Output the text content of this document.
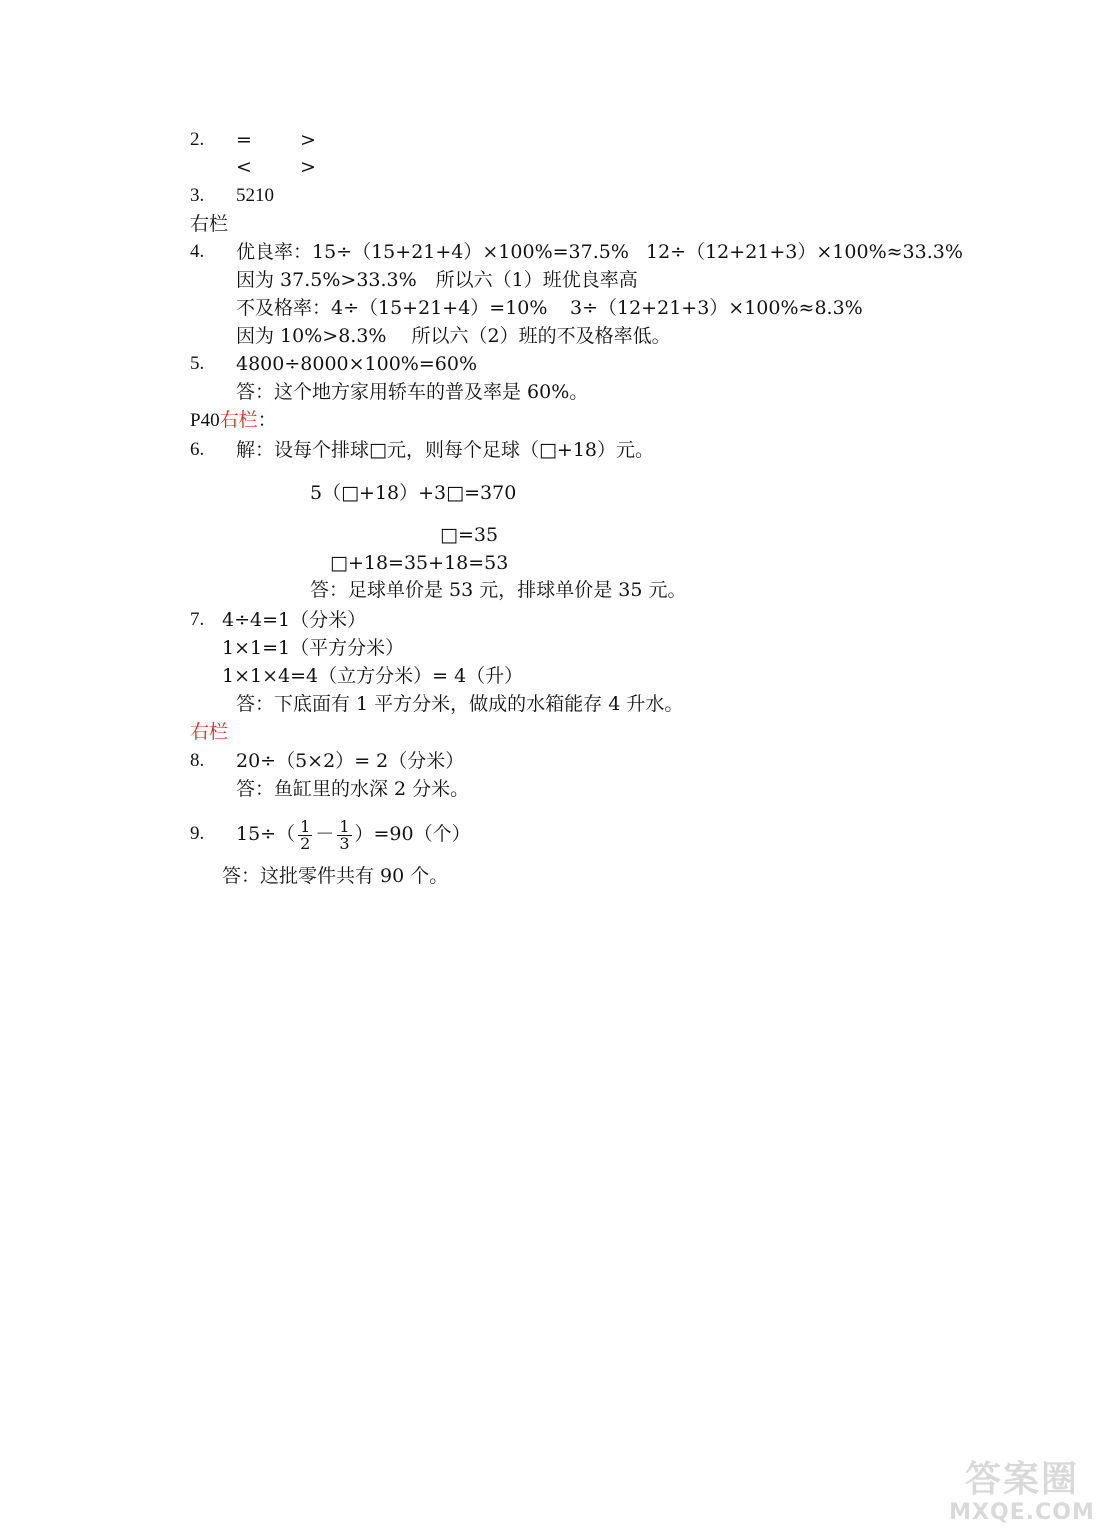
2. =	>
<	>
3. 5210
右栏
4. 优良率：15÷（15+21+4）×100%=37.5% 12÷（12+21+3）×100%≈33.3%
因为 37.5%>33.3%　所以六（1）班优良率高
不及格率：4÷（15+21+4）=10% 3÷（12+21+3）×100%≈8.3%
因为 10%>8.3%　 所以六（2）班的不及格率低。
5. 4800÷8000×100%=60%
答：这个地方家用轿车的普及率是 60%。
P40右栏：
6. 解：设每个排球□元，则每个足球（□+18）元。
5（□+18）+3□=370
□=35
□+18=35+18=53
答：足球单价是 53 元，排球单价是 35 元。
7. 4÷4=1（分米）
1×1=1（平方分米）
1×1×4=4（立方分米）= 4（升）
答：下底面有 1 平方分米，做成的水箱能存 4 升水。
右栏
8. 20÷（5×2）= 2（分米）
答：鱼缸里的水深 2 分米。
9. $15\div( \frac{1}{2} - \frac{1}{3} )=90$（个）
答：这批零件共有 90 个。
答案圈
MXQE.COM
